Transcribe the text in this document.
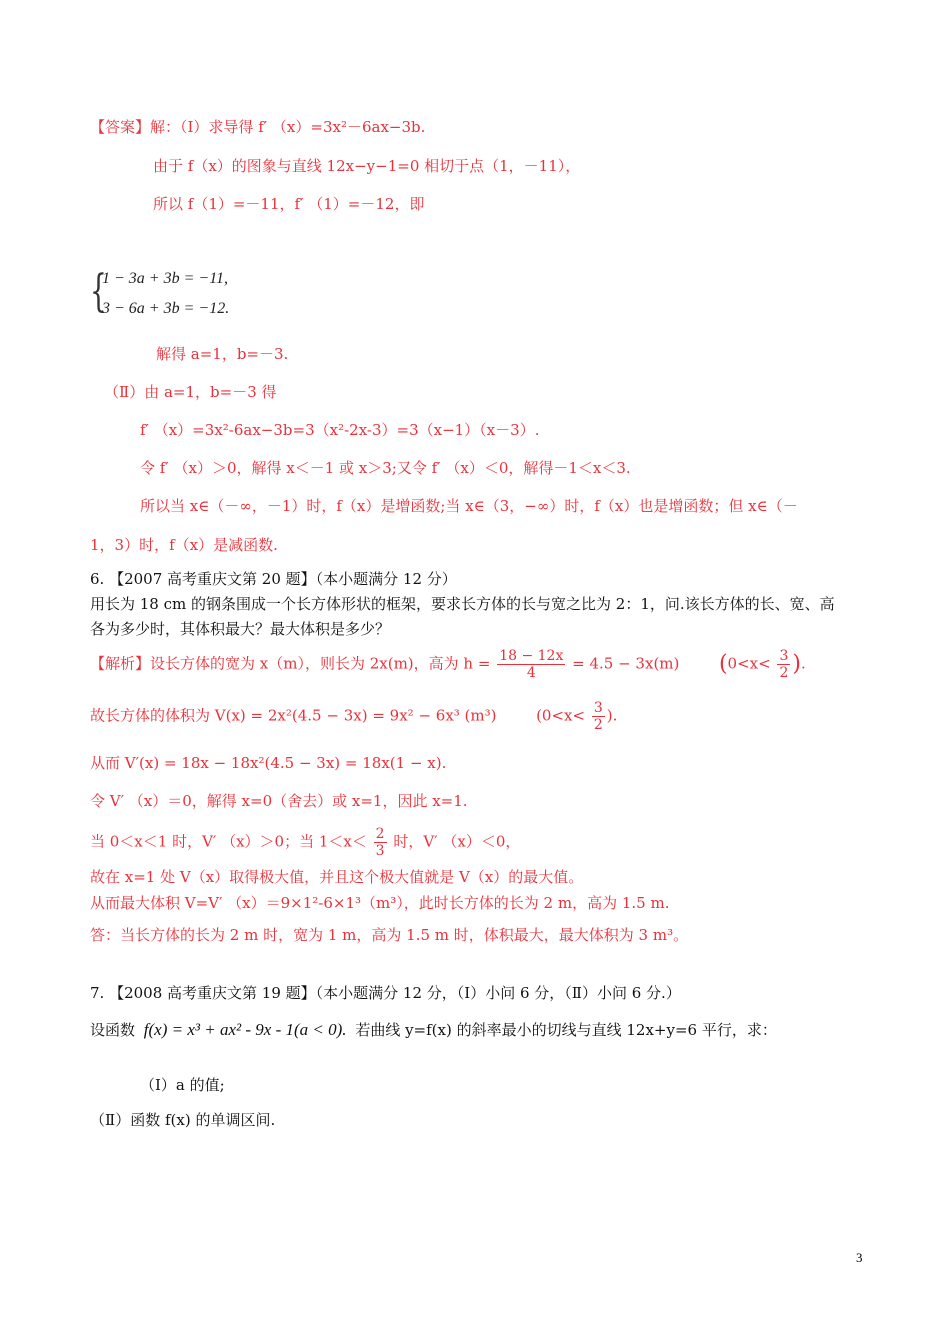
【答案】解：（Ⅰ）求导得 f′ （x）=3x²－6ax−3b.
由于 f（x）的图象与直线 12x−y−1=0 相切于点（1，－11），
所以 f（1）=－11，f′ （1）=－12，即
{
1 − 3a + 3b = −11,
3 − 6a + 3b = −12.
解得 a=1，b=－3.
（Ⅱ）由 a=1，b=－3 得
f′ （x）=3x²-6ax−3b=3（x²-2x-3）=3（x−1）（x－3）.
令 f′ （x）＞0，解得 x＜－1 或 x＞3;又令 f′ （x）＜0，解得－1＜x＜3.
所以当 x∈（－∞，－1）时，f（x）是增函数;当 x∈（3，−∞）时，f（x）也是增函数；但 x∈（－
1，3）时，f（x）是减函数.
6. 【2007 高考重庆文第 20 题】（本小题满分 12 分）
用长为 18 cm 的钢条围成一个长方体形状的框架，要求长方体的长与宽之比为 2：1，问.该长方体的长、宽、高
各为多少时，其体积最大？最大体积是多少？
【解析】设长方体的宽为 x（m），则长为 2x(m)，高为 $h = \frac{18 - 12x}{4} = 4.5 - 3x(m)$ ($0<x< \frac{3}{2}$ ).
故长方体的体积为 V(x) = 2x²(4.5 − 3x) = 9x² − 6x³ (m³)	($0<x< \frac{3}{2}$ ).
从而 V′(x) = 18x − 18x²(4.5 − 3x) = 18x(1 − x).
令 V′ （x）＝0，解得 x=0（舍去）或 x=1，因此 x=1.
当 0＜x＜1 时，V′ （x）＞0；当 $1<x< \frac{2}{3}$ 时，V′ （x）＜0，
故在 x=1 处 V（x）取得极大值，并且这个极大值就是 V（x）的最大值。
从而最大体积 V=V′ （x）＝9×1²-6×1³（m³），此时长方体的长为 2 m，高为 1.5 m.
答：当长方体的长为 2 m 时，宽为 1 m，高为 1.5 m 时，体积最大，最大体积为 3 m³。
7. 【2008 高考重庆文第 19 题】（本小题满分 12 分，（Ⅰ）小问 6 分，（Ⅱ）小问 6 分.）
设函数 f(x) = x³ + ax² - 9x - 1(a < 0). 若曲线 y=f(x) 的斜率最小的切线与直线 12x+y=6 平行，求：
（Ⅰ）a 的值;
（Ⅱ）函数 f(x) 的单调区间.
3
